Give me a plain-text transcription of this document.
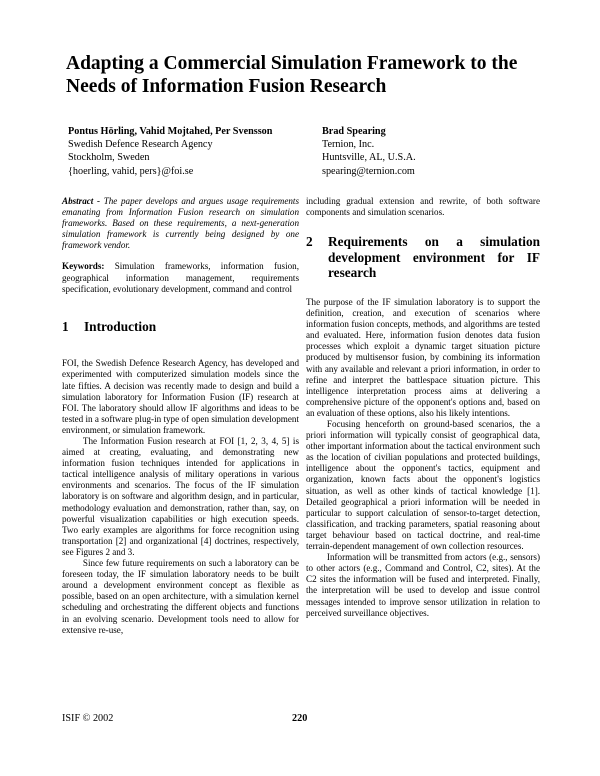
Adapting a Commercial Simulation Framework to the Needs of Information Fusion Research
Pontus Hörling, Vahid Mojtahed, Per Svensson
Swedish Defence Research Agency
Stockholm, Sweden
{hoerling, vahid, pers}@foi.se
Brad Spearing
Ternion, Inc.
Huntsville, AL, U.S.A.
spearing@ternion.com

Abstract - The paper develops and argues usage requirements emanating from Information Fusion research on simulation frameworks. Based on these requirements, a next-generation simulation framework is currently being designed by one framework vendor.

Keywords: Simulation frameworks, information fusion, geographical information management, requirements specification, evolutionary development, command and control

1	Introduction

FOI, the Swedish Defence Research Agency, has developed and experimented with computerized simulation models since the late fifties. A decision was recently made to design and build a simulation laboratory for Information Fusion (IF) research at FOI. The laboratory should allow IF algorithms and ideas to be tested in a software plug-in type of open simulation development environment, or simulation framework.

The Information Fusion research at FOI [1, 2, 3, 4, 5] is aimed at creating, evaluating, and demonstrating new information fusion techniques intended for applications in tactical intelligence analysis of military operations in various environments and scenarios. The focus of the IF simulation laboratory is on software and algorithm design, and in particular, methodology evaluation and demonstration, rather than, say, on powerful visualization capabilities or high execution speeds. Two early examples are algorithms for force recognition using transportation [2] and organizational [4] doctrines, respectively, see Figures 2 and 3.

Since few future requirements on such a laboratory can be foreseen today, the IF simulation laboratory needs to be built around a development environment concept as flexible as possible, based on an open architecture, with a simulation kernel scheduling and orchestrating the different objects and functions in an evolving scenario. Development tools need to allow for extensive re-use,

including gradual extension and rewrite, of both software components and simulation scenarios.

2	Requirements on a simulation development environment for IF research

The purpose of the IF simulation laboratory is to support the definition, creation, and execution of scenarios where information fusion concepts, methods, and algorithms are tested and evaluated. Here, information fusion denotes data fusion processes which exploit a dynamic target situation picture produced by multisensor fusion, by combining its information with any available and relevant a priori information, in order to refine and interpret the battlespace situation picture. This intelligence interpretation process aims at delivering a comprehensive picture of the opponent's options and, based on an evaluation of these options, also his likely intentions.

Focusing henceforth on ground-based scenarios, the a priori information will typically consist of geographical data, other important information about the tactical environment such as the location of civilian populations and protected buildings, intelligence about the opponent's tactics, equipment and organization, known facts about the opponent's logistics situation, as well as other kinds of tactical knowledge [1]. Detailed geographical a priori information will be needed in particular to support calculation of sensor-to-target detection, classification, and tracking parameters, spatial reasoning about target behaviour based on tactical doctrine, and real-time terrain-dependent management of own collection resources.

Information will be transmitted from actors (e.g., sensors) to other actors (e.g., Command and Control, C2, sites). At the C2 sites the information will be fused and interpreted. Finally, the interpretation will be used to develop and issue control messages intended to improve sensor utilization in relation to perceived surveillance objectives.

ISIF © 2002	220
